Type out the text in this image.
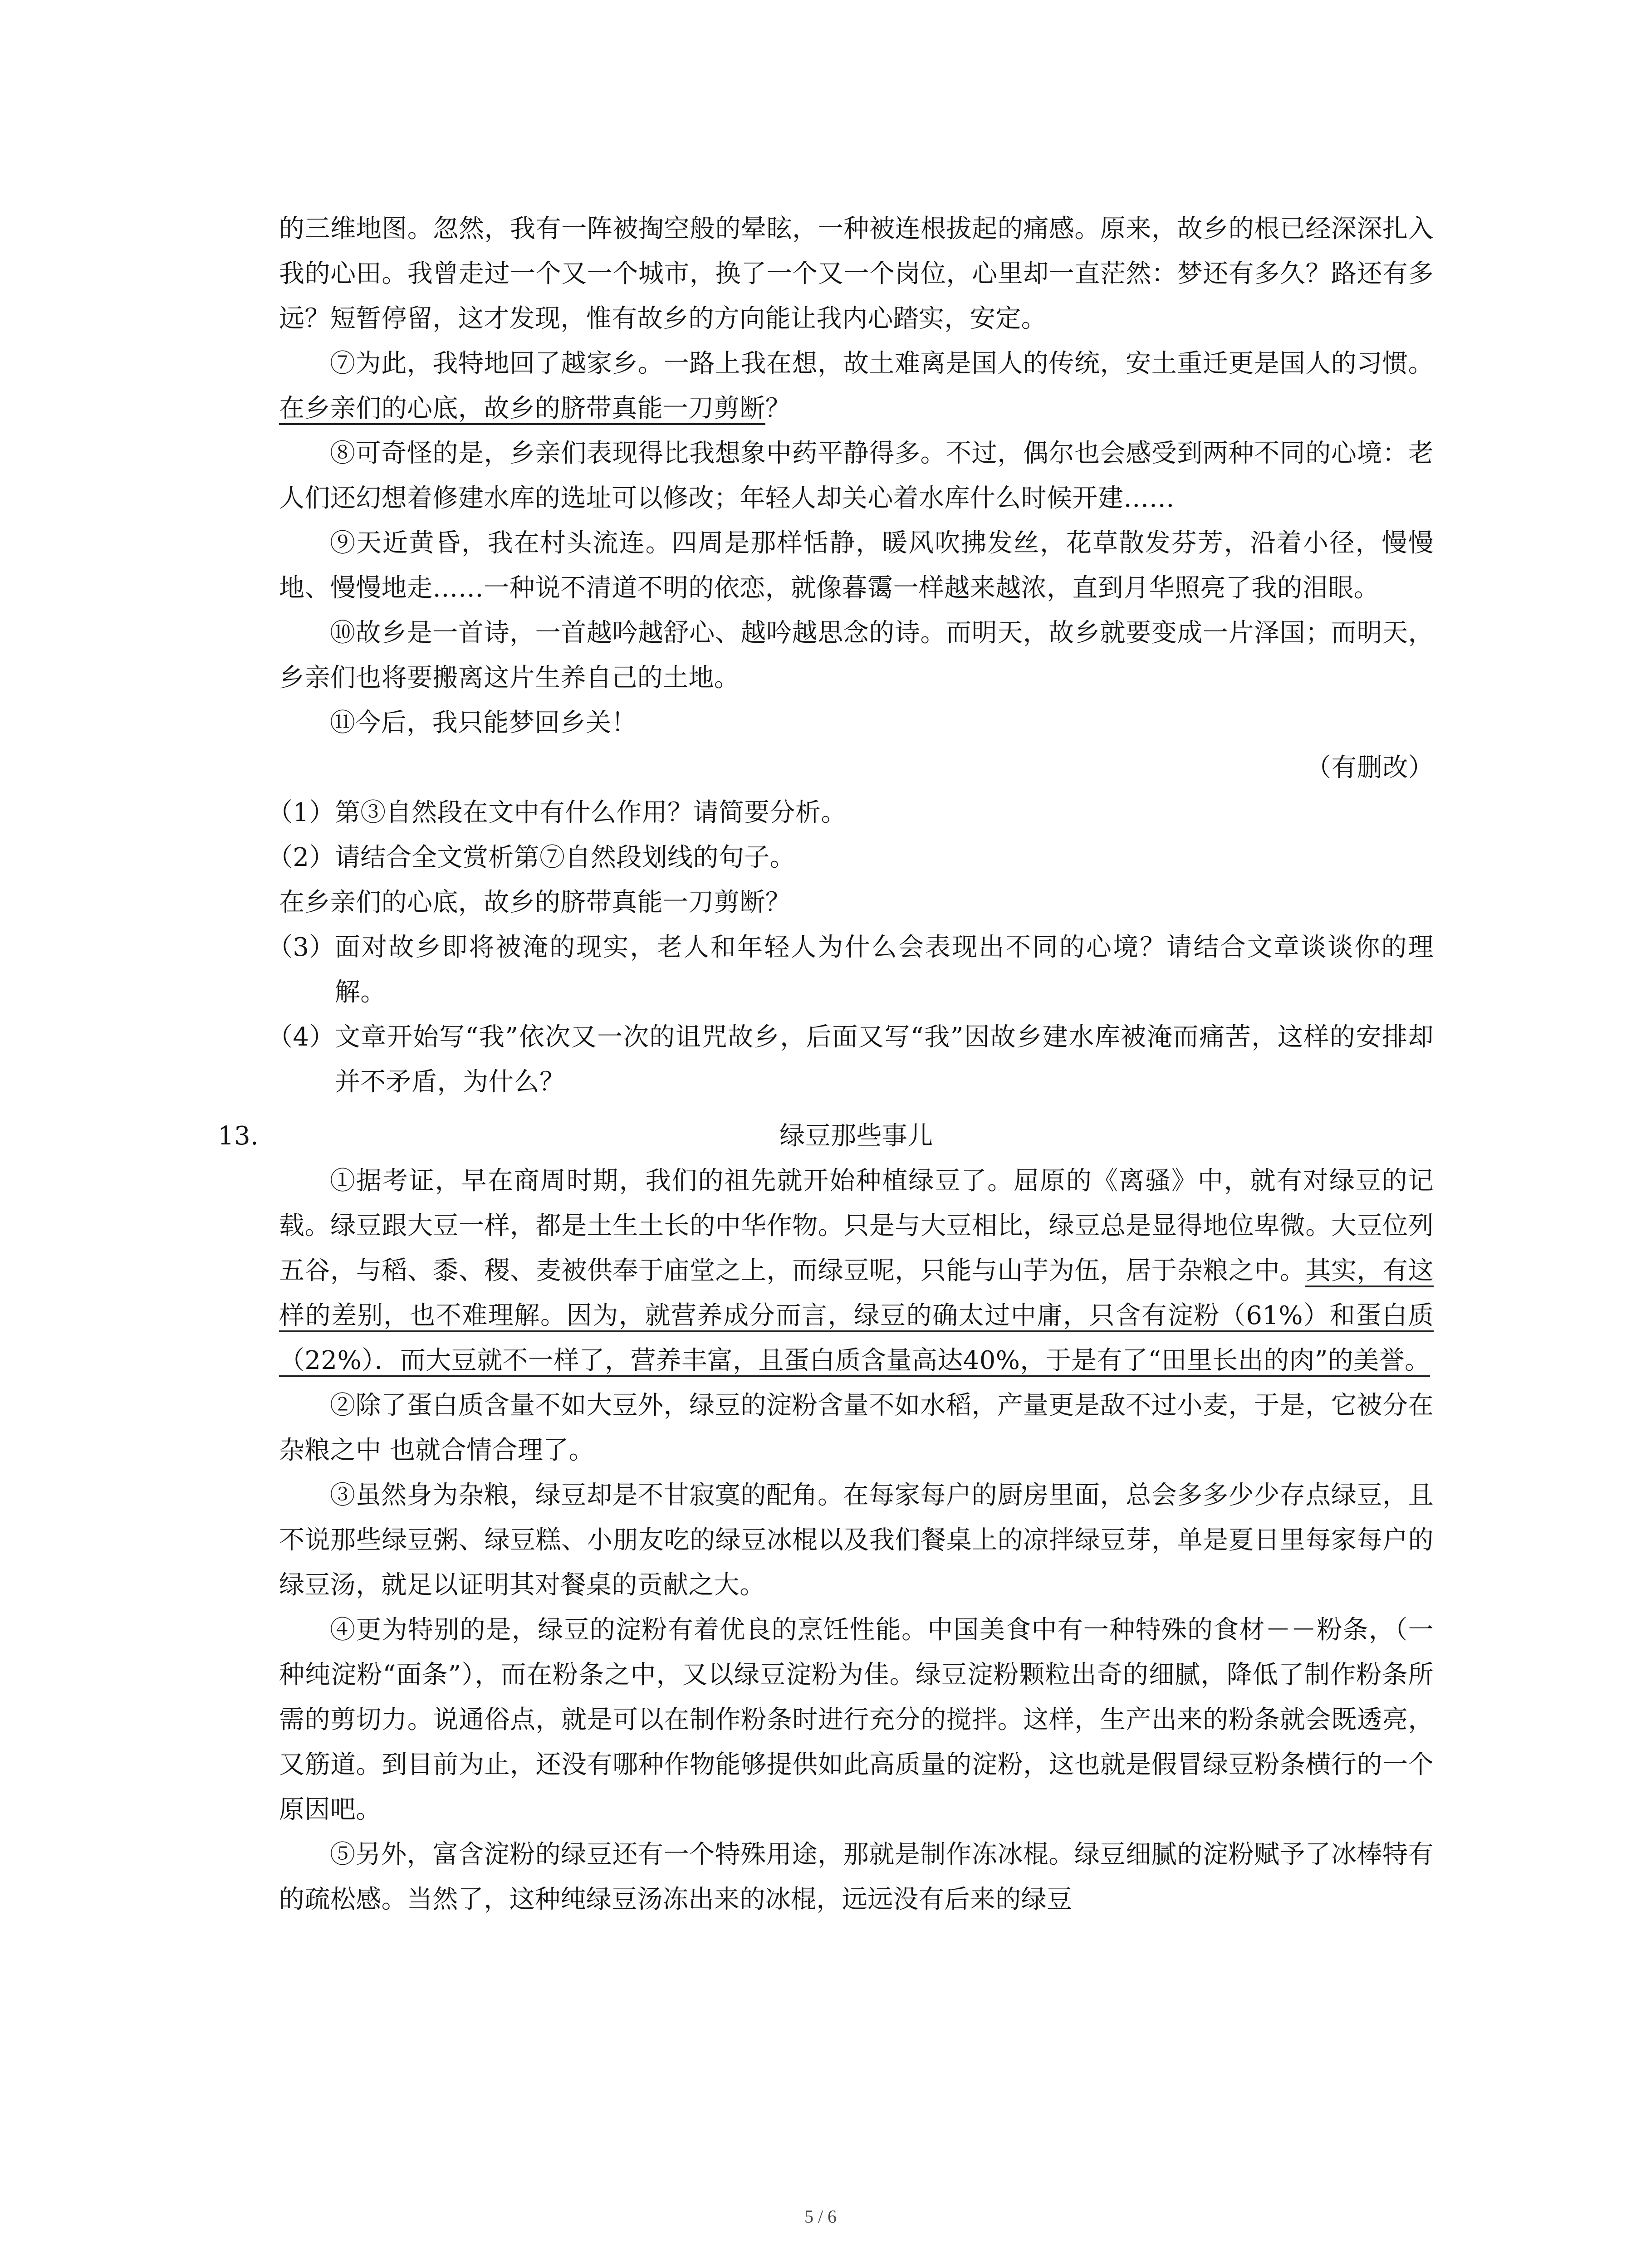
的三维地图。忽然，我有一阵被掏空般的晕眩，一种被连根拔起的痛感。原来，故乡的根已经深深扎入我的心田。我曾走过一个又一个城市，换了一个又一个岗位，心里却一直茫然：梦还有多久？路还有多远？短暂停留，这才发现，惟有故乡的方向能让我内心踏实，安定。

⑦为此，我特地回了越家乡。一路上我在想，故土难离是国人的传统，安土重迁更是国人的习惯。在乡亲们的心底，故乡的脐带真能一刀剪断？

⑧可奇怪的是，乡亲们表现得比我想象中药平静得多。不过，偶尔也会感受到两种不同的心境：老人们还幻想着修建水库的选址可以修改；年轻人却关心着水库什么时候开建……

⑨天近黄昏，我在村头流连。四周是那样恬静，暖风吹拂发丝，花草散发芬芳，沿着小径，慢慢地、慢慢地走……一种说不清道不明的依恋，就像暮霭一样越来越浓，直到月华照亮了我的泪眼。

⑩故乡是一首诗，一首越吟越舒心、越吟越思念的诗。而明天，故乡就要变成一片泽国；而明天，乡亲们也将要搬离这片生养自己的土地。

⑪今后，我只能梦回乡关！

（有删改）

（1） 第③自然段在文中有什么作用？请简要分析。
（2） 请结合全文赏析第⑦自然段划线的句子。

在乡亲们的心底，故乡的脐带真能一刀剪断？

（3） 面对故乡即将被淹的现实，老人和年轻人为什么会表现出不同的心境？请结合文章谈谈你的理解。
（4） 文章开始写“我”依次又一次的诅咒故乡，后面又写“我”因故乡建水库被淹而痛苦，这样的安排却并不矛盾，为什么？
13.	绿豆那些事儿

①据考证，早在商周时期，我们的祖先就开始种植绿豆了。屈原的《离骚》中，就有对绿豆的记载。绿豆跟大豆一样，都是土生土长的中华作物。只是与大豆相比，绿豆总是显得地位卑微。大豆位列五谷，与稻、黍、稷、麦被供奉于庙堂之上，而绿豆呢，只能与山芋为伍，居于杂粮之中。其实，有这样的差别，也不难理解。因为，就营养成分而言，绿豆的确太过中庸，只含有淀粉（61%）和蛋白质（22%）．而大豆就不一样了，营养丰富，且蛋白质含量高达40%，于是有了“田里长出的肉”的美誉。

②除了蛋白质含量不如大豆外，绿豆的淀粉含量不如水稻，产量更是敌不过小麦，于是，它被分在杂粮之中 也就合情合理了。

③虽然身为杂粮，绿豆却是不甘寂寞的配角。在每家每户的厨房里面，总会多多少少存点绿豆，且不说那些绿豆粥、绿豆糕、小朋友吃的绿豆冰棍以及我们餐桌上的凉拌绿豆芽，单是夏日里每家每户的绿豆汤，就足以证明其对餐桌的贡献之大。

④更为特别的是，绿豆的淀粉有着优良的烹饪性能。中国美食中有一种特殊的食材－－粉条，（一种纯淀粉“面条”），而在粉条之中，又以绿豆淀粉为佳。绿豆淀粉颗粒出奇的细腻，降低了制作粉条所需的剪切力。说通俗点，就是可以在制作粉条时进行充分的搅拌。这样，生产出来的粉条就会既透亮，又筋道。到目前为止，还没有哪种作物能够提供如此高质量的淀粉，这也就是假冒绿豆粉条横行的一个原因吧。

⑤另外，富含淀粉的绿豆还有一个特殊用途，那就是制作冻冰棍。绿豆细腻的淀粉赋予了冰棒特有的疏松感。当然了，这种纯绿豆汤冻出来的冰棍，远远没有后来的绿豆

5 / 6
